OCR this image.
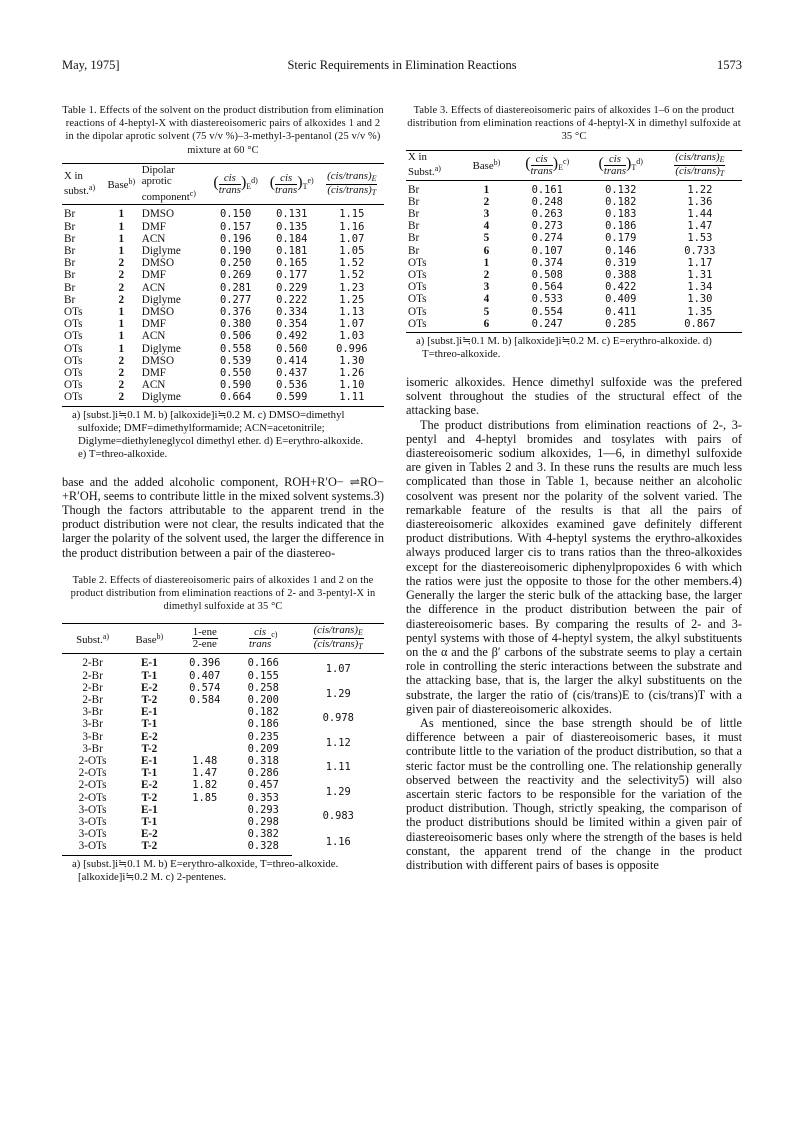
May, 1975]	Steric Requirements in Elimination Reactions	1573
Table 1. Effects of the solvent on the product distribution from elimination reactions of 4-heptyl-X with diastereoisomeric pairs of alkoxides 1 and 2 in the dipolar aprotic solvent (75 v/v %)–3-methyl-3-pentanol (25 v/v %) mixture at 60 °C
X in
subst.$^{a)}$	Base$^{b)}$	Dipolar
aprotic
component$^{c)}$	( $\frac{\text{cis}}{\text{trans}} )_E^{d)}$	( $\frac{\text{cis}}{\text{trans}} )_T^{e)}$	$\frac{(cis/trans)_E}{(cis/trans)_T}$

Br	1	DMSO	0.150	0.131	1.15
Br	1	DMF	0.157	0.135	1.16
Br	1	ACN	0.196	0.184	1.07
Br	1	Diglyme	0.190	0.181	1.05
Br	2	DMSO	0.250	0.165	1.52
Br	2	DMF	0.269	0.177	1.52
Br	2	ACN	0.281	0.229	1.23
Br	2	Diglyme	0.277	0.222	1.25
OTs	1	DMSO	0.376	0.334	1.13
OTs	1	DMF	0.380	0.354	1.07
OTs	1	ACN	0.506	0.492	1.03
OTs	1	Diglyme	0.558	0.560	0.996
OTs	2	DMSO	0.539	0.414	1.30
OTs	2	DMF	0.550	0.437	1.26
OTs	2	ACN	0.590	0.536	1.10
OTs	2	Diglyme	0.664	0.599	1.11
a) [subst.]i≒0.1 M. b) [alkoxide]i≒0.2 M. c) DMSO=dimethyl sulfoxide; DMF=dimethylformamide; ACN=acetonitrile; Diglyme=diethyleneglycol dimethyl ether. d) E=erythro-alkoxide. e) T=threo-alkoxide.

base and the added alcoholic component, ROH+R′O− ⇌RO−+R′OH, seems to contribute little in the mixed solvent systems.3) Though the factors attributable to the apparent trend in the product distribution were not clear, the results indicated that the larger the polarity of the solvent used, the larger the difference in the product distribution between a pair of the diastereo-

Table 2. Effects of diastereoisomeric pairs of alkoxides 1 and 2 on the product distribution from elimination reactions of 2- and 3-pentyl-X in dimethyl sulfoxide at 35 °C
Subst.$^{a)}$	Base$^{b)}$	$\frac{\text{1-ene}}{\text{2-ene}}$	$\frac{\text{cis}}{\text{trans}} ^{c)}$	$\frac{(cis/trans)_E}{(cis/trans)_T}$

2-Br	E-1	0.396	0.166	1.07
2-Br	T-1	0.407	0.155	
2-Br	E-2	0.574	0.258	1.29
2-Br	T-2	0.584	0.200	
3-Br	E-1		0.182	0.978
3-Br	T-1		0.186	
3-Br	E-2		0.235	1.12
3-Br	T-2		0.209	
2-OTs	E-1	1.48	0.318	1.11
2-OTs	T-1	1.47	0.286	
2-OTs	E-2	1.82	0.457	1.29
2-OTs	T-2	1.85	0.353	
3-OTs	E-1		0.293	0.983
3-OTs	T-1		0.298	
3-OTs	E-2		0.382	1.16
3-OTs	T-2		0.328	
a) [subst.]i≒0.1 M. b) E=erythro-alkoxide, T=threo-alkoxide. [alkoxide]i≒0.2 M. c) 2-pentenes.
Table 3. Effects of diastereoisomeric pairs of alkoxides 1–6 on the product distribution from elimination reactions of 4-heptyl-X in dimethyl sulfoxide at 35 °C
X in
Subst.$^{a)}$	Base$^{b)}$	( $\frac{\text{cis}}{\text{trans}} )_E^{c)}$	( $\frac{\text{cis}}{\text{trans}} )_T^{d)}$	$\frac{(cis/trans)_E}{(cis/trans)_T}$

Br	1	0.161	0.132	1.22
Br	2	0.248	0.182	1.36
Br	3	0.263	0.183	1.44
Br	4	0.273	0.186	1.47
Br	5	0.274	0.179	1.53
Br	6	0.107	0.146	0.733
OTs	1	0.374	0.319	1.17
OTs	2	0.508	0.388	1.31
OTs	3	0.564	0.422	1.34
OTs	4	0.533	0.409	1.30
OTs	5	0.554	0.411	1.35
OTs	6	0.247	0.285	0.867
a) [subst.]i≒0.1 M. b) [alkoxide]i≒0.2 M. c) E=erythro-alkoxide. d) T=threo-alkoxide.

isomeric alkoxides. Hence dimethyl sulfoxide was the prefered solvent throughout the studies of the structural effect of the attacking base.

The product distributions from elimination reactions of 2-, 3-pentyl and 4-heptyl bromides and tosylates with pairs of diastereoisomeric sodium alkoxides, 1—6, in dimethyl sulfoxide are given in Tables 2 and 3. In these runs the results are much less complicated than those in Table 1, because neither an alcoholic cosolvent was present nor the polarity of the solvent varied. The remarkable feature of the results is that all the pairs of diastereoisomeric alkoxides examined gave definitely different product distributions. With 4-heptyl systems the erythro-alkoxides always produced larger cis to trans ratios than the threo-alkoxides except for the diastereoisomeric diphenylpropoxides 6 with which the ratios were just the opposite to those for the other members.4) Generally the larger the steric bulk of the attacking base, the larger the difference in the product distribution between the pair of diastereoisomeric bases. By comparing the results of 2- and 3-pentyl systems with those of 4-heptyl system, the alkyl substituents on the α and the β′ carbons of the substrate seems to play a certain role in controlling the steric interactions between the substrate and the attacking base, that is, the larger the alkyl substituents on the substrate, the larger the ratio of (cis/trans)E to (cis/trans)T with a given pair of diastereoisomeric alkoxides.

As mentioned, since the base strength should be of little difference between a pair of diastereoisomeric bases, it must contribute little to the variation of the product distribution, so that a steric factor must be the controlling one. The relationship generally observed between the reactivity and the selectivity5) will also ascertain steric factors to be responsible for the variation of the product distribution. Though, strictly speaking, the comparison of the product distributions should be limited within a given pair of diastereoisomeric bases only where the strength of the bases is held constant, the apparent trend of the change in the product distribution with different pairs of bases is opposite
